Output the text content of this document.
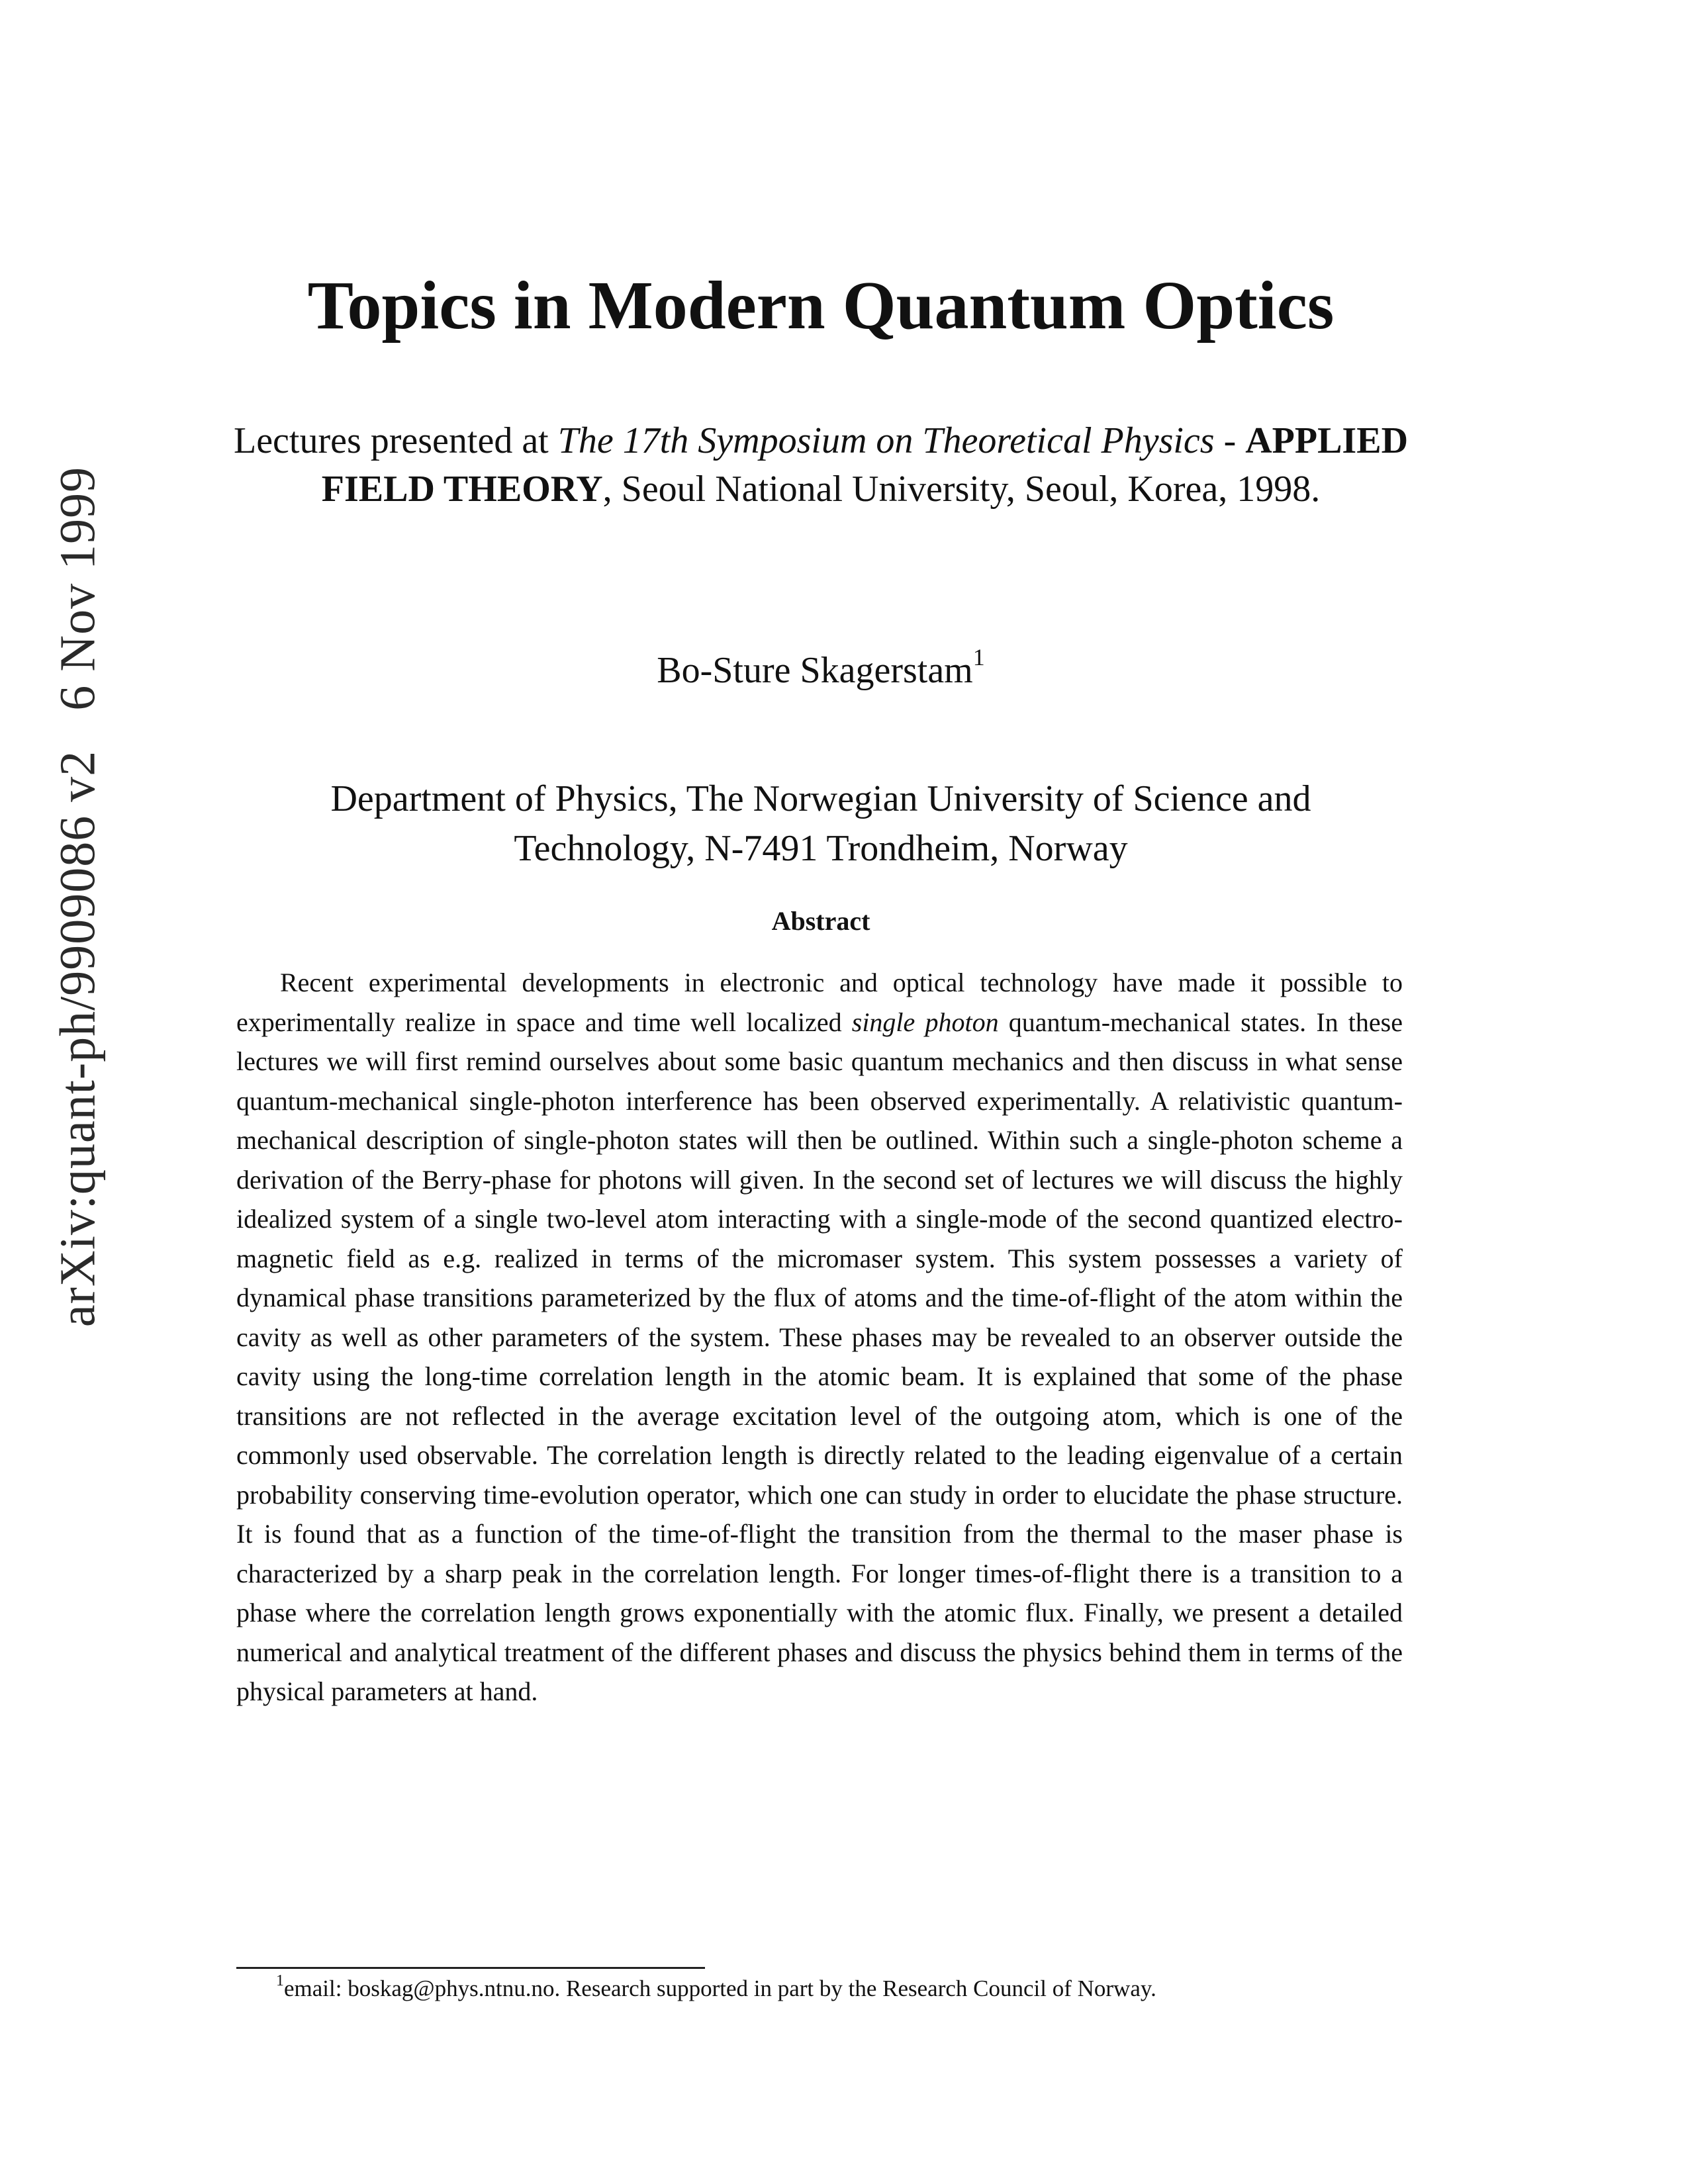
arXiv:quant-ph/9909086 v26 Nov 1999
Topics in Modern Quantum Optics
Lectures presented at The 17th Symposium on Theoretical Physics - APPLIED FIELD THEORY, Seoul National University, Seoul, Korea, 1998.
Bo-Sture Skagerstam$^1$
Department of Physics, The Norwegian University of Science and Technology, N-7491 Trondheim, Norway
Abstract

Recent experimental developments in electronic and optical technology have made it possible to experimentally realize in space and time well localized single photon quantum-mechanical states. In these lectures we will first remind ourselves about some basic quantum mechanics and then discuss in what sense quantum-mechanical single-photon interference has been observed experimentally. A relativistic quantum-mechanical description of single-photon states will then be outlined. Within such a single-photon scheme a derivation of the Berry-phase for photons will given. In the second set of lectures we will discuss the highly idealized system of a single two-level atom interacting with a single-mode of the second quantized electro-magnetic field as e.g. realized in terms of the micromaser system. This system possesses a variety of dynamical phase transitions parameterized by the flux of atoms and the time-of-flight of the atom within the cavity as well as other parameters of the system. These phases may be revealed to an observer outside the cavity using the long-time correlation length in the atomic beam. It is explained that some of the phase transitions are not reflected in the average excitation level of the outgoing atom, which is one of the commonly used observable. The correlation length is directly related to the leading eigenvalue of a certain probability conserving time-evolution operator, which one can study in order to elucidate the phase structure. It is found that as a function of the time-of-flight the transition from the thermal to the maser phase is characterized by a sharp peak in the correlation length. For longer times-of-flight there is a transition to a phase where the correlation length grows exponentially with the atomic flux. Finally, we present a detailed numerical and analytical treatment of the different phases and discuss the physics behind them in terms of the physical parameters at hand.

$^1$email: boskag@phys.ntnu.no. Research supported in part by the Research Council of Norway.
